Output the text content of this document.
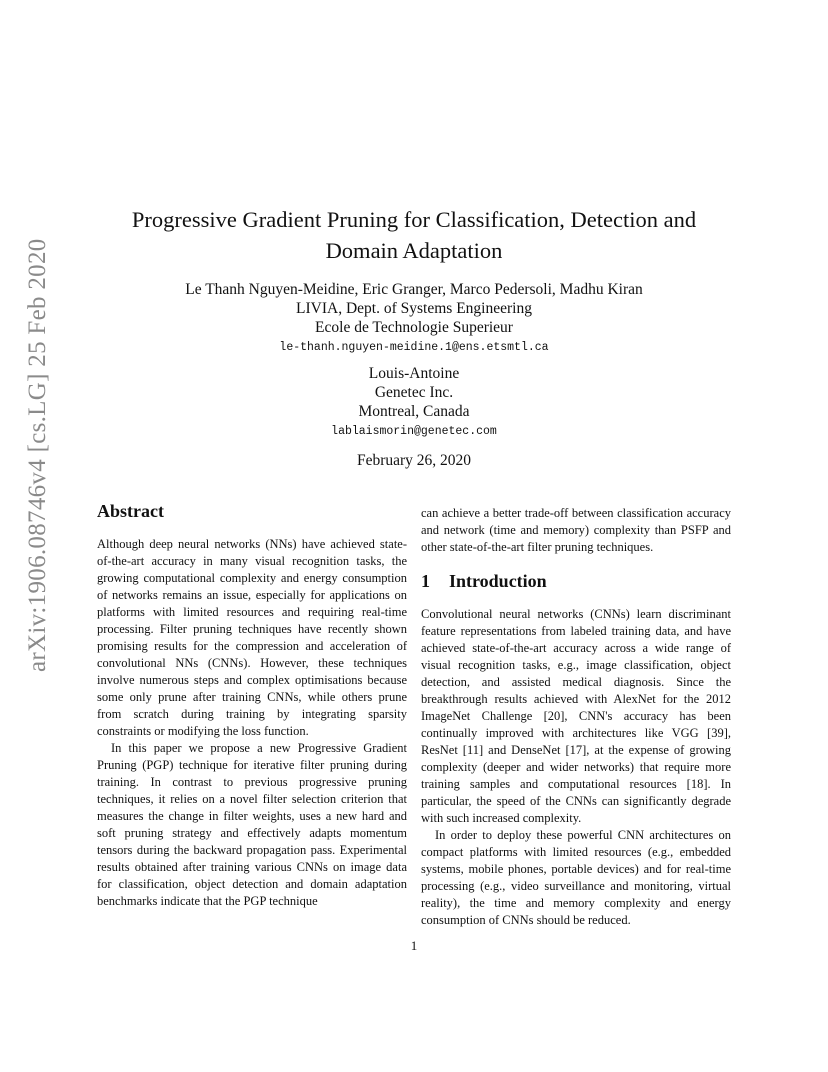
arXiv:1906.08746v4 [cs.LG] 25 Feb 2020
Progressive Gradient Pruning for Classification, Detection and Domain Adaptation
Le Thanh Nguyen-Meidine, Eric Granger, Marco Pedersoli, Madhu Kiran
LIVIA, Dept. of Systems Engineering
Ecole de Technologie Superieur
le-thanh.nguyen-meidine.1@ens.etsmtl.ca
Louis-Antoine
Genetec Inc.
Montreal, Canada
lablaismorin@genetec.com
February 26, 2020
Abstract

Although deep neural networks (NNs) have achieved state-of-the-art accuracy in many visual recognition tasks, the growing computational complexity and energy consumption of networks remains an issue, especially for applications on platforms with limited resources and requiring real-time processing. Filter pruning techniques have recently shown promising results for the compression and acceleration of convolutional NNs (CNNs). However, these techniques involve numerous steps and complex optimisations because some only prune after training CNNs, while others prune from scratch during training by integrating sparsity constraints or modifying the loss function.

In this paper we propose a new Progressive Gradient Pruning (PGP) technique for iterative filter pruning during training. In contrast to previous progressive pruning techniques, it relies on a novel filter selection criterion that measures the change in filter weights, uses a new hard and soft pruning strategy and effectively adapts momentum tensors during the backward propagation pass. Experimental results obtained after training various CNNs on image data for classification, object detection and domain adaptation benchmarks indicate that the PGP technique

can achieve a better trade-off between classification accuracy and network (time and memory) complexity than PSFP and other state-of-the-art filter pruning techniques.

1 Introduction

Convolutional neural networks (CNNs) learn discriminant feature representations from labeled training data, and have achieved state-of-the-art accuracy across a wide range of visual recognition tasks, e.g., image classification, object detection, and assisted medical diagnosis. Since the breakthrough results achieved with AlexNet for the 2012 ImageNet Challenge [20], CNN's accuracy has been continually improved with architectures like VGG [39], ResNet [11] and DenseNet [17], at the expense of growing complexity (deeper and wider networks) that require more training samples and computational resources [18]. In particular, the speed of the CNNs can significantly degrade with such increased complexity.

In order to deploy these powerful CNN architectures on compact platforms with limited resources (e.g., embedded systems, mobile phones, portable devices) and for real-time processing (e.g., video surveillance and monitoring, virtual reality), the time and memory complexity and energy consumption of CNNs should be reduced.

1
